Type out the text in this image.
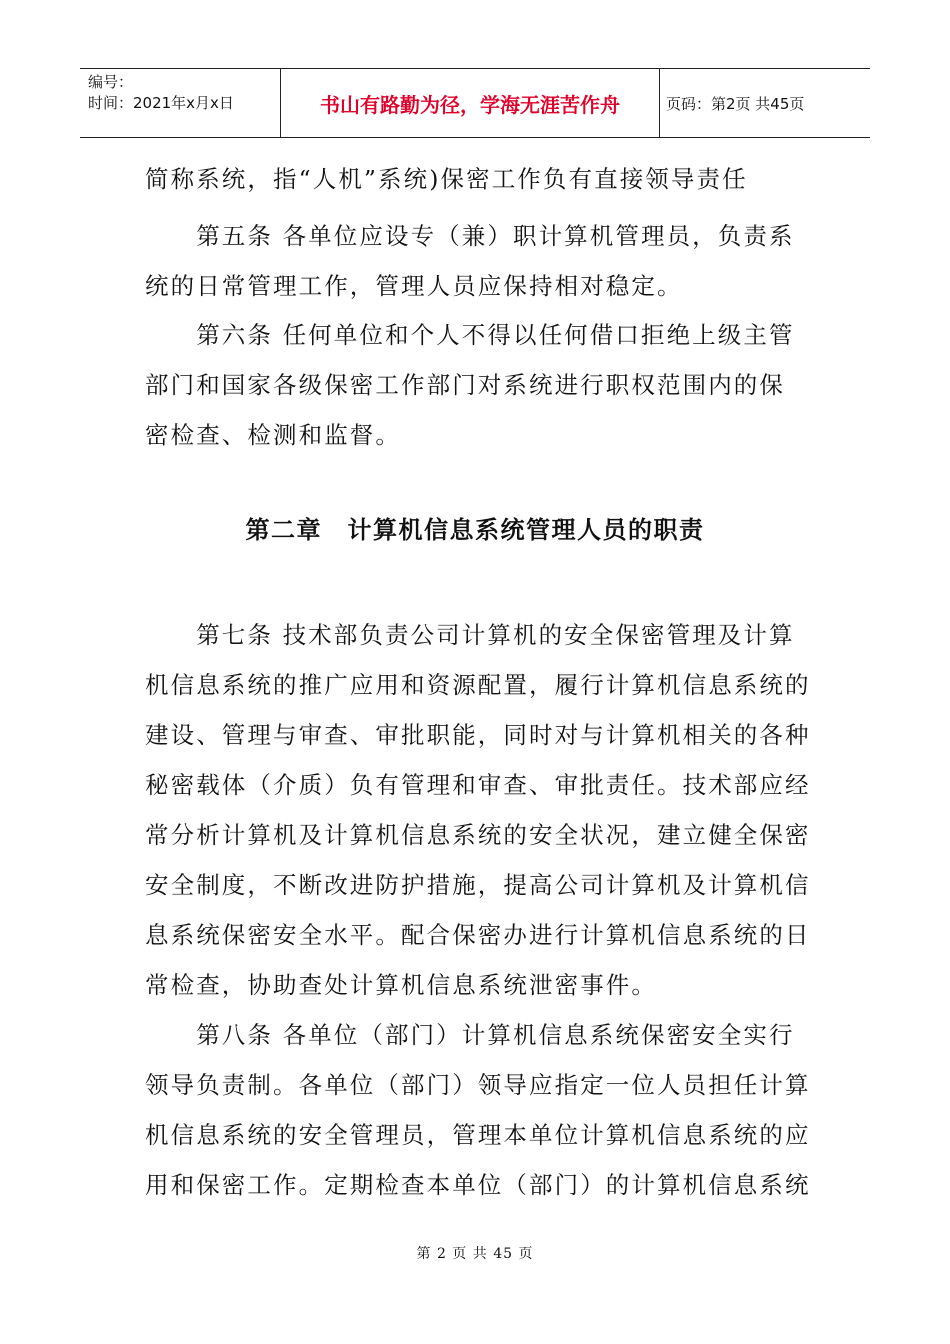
编号：
时间：2021年x月x日	书山有路勤为径，学海无涯苦作舟	页码：第2页 共45页
简称系统，指“人机”系统)保密工作负有直接领导责任
　　第五条 各单位应设专（兼）职计算机管理员，负责系
统的日常管理工作，管理人员应保持相对稳定。
　　第六条 任何单位和个人不得以任何借口拒绝上级主管
部门和国家各级保密工作部门对系统进行职权范围内的保
密检查、检测和监督。
第二章　计算机信息系统管理人员的职责
　　第七条 技术部负责公司计算机的安全保密管理及计算
机信息系统的推广应用和资源配置，履行计算机信息系统的
建设、管理与审查、审批职能，同时对与计算机相关的各种
秘密载体（介质）负有管理和审查、审批责任。技术部应经
常分析计算机及计算机信息系统的安全状况，建立健全保密
安全制度，不断改进防护措施，提高公司计算机及计算机信
息系统保密安全水平。配合保密办进行计算机信息系统的日
常检查，协助查处计算机信息系统泄密事件。
　　第八条 各单位（部门）计算机信息系统保密安全实行
领导负责制。各单位（部门）领导应指定一位人员担任计算
机信息系统的安全管理员，管理本单位计算机信息系统的应
用和保密工作。定期检查本单位（部门）的计算机信息系统
第 2 页 共 45 页
